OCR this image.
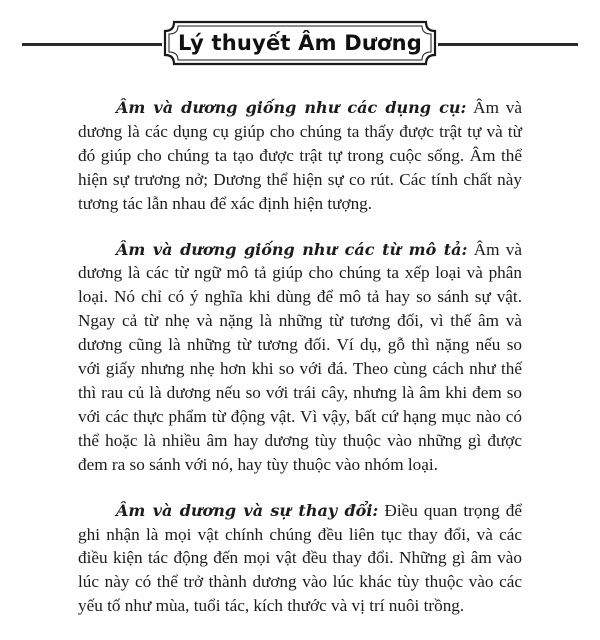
Lý thuyết Âm Dương

Âm và dương giống như các dụng cụ: Âm và dương là các dụng cụ giúp cho chúng ta thấy được trật tự và từ đó giúp cho chúng ta tạo được trật tự trong cuộc sống. Âm thể hiện sự trương nở; Dương thể hiện sự co rút. Các tính chất này tương tác lẫn nhau để xác định hiện tượng.

Âm và dương giống như các từ mô tả: Âm và dương là các từ ngữ mô tả giúp cho chúng ta xếp loại và phân loại. Nó chỉ có ý nghĩa khi dùng để mô tả hay so sánh sự vật. Ngay cả từ nhẹ và nặng là những từ tương đối, vì thế âm và dương cũng là những từ tương đối. Ví dụ, gỗ thì nặng nếu so với giấy nhưng nhẹ hơn khi so với đá. Theo cùng cách như thế thì rau củ là dương nếu so với trái cây, nhưng là âm khi đem so với các thực phẩm từ động vật. Vì vậy, bất cứ hạng mục nào có thể hoặc là nhiều âm hay dương tùy thuộc vào những gì được đem ra so sánh với nó, hay tùy thuộc vào nhóm loại.

Âm và dương và sự thay đổi: Điều quan trọng để ghi nhận là mọi vật chính chúng đều liên tục thay đổi, và các điều kiện tác động đến mọi vật đều thay đổi. Những gì âm vào lúc này có thể trở thành dương vào lúc khác tùy thuộc vào các yếu tố như mùa, tuổi tác, kích thước và vị trí nuôi trồng.
